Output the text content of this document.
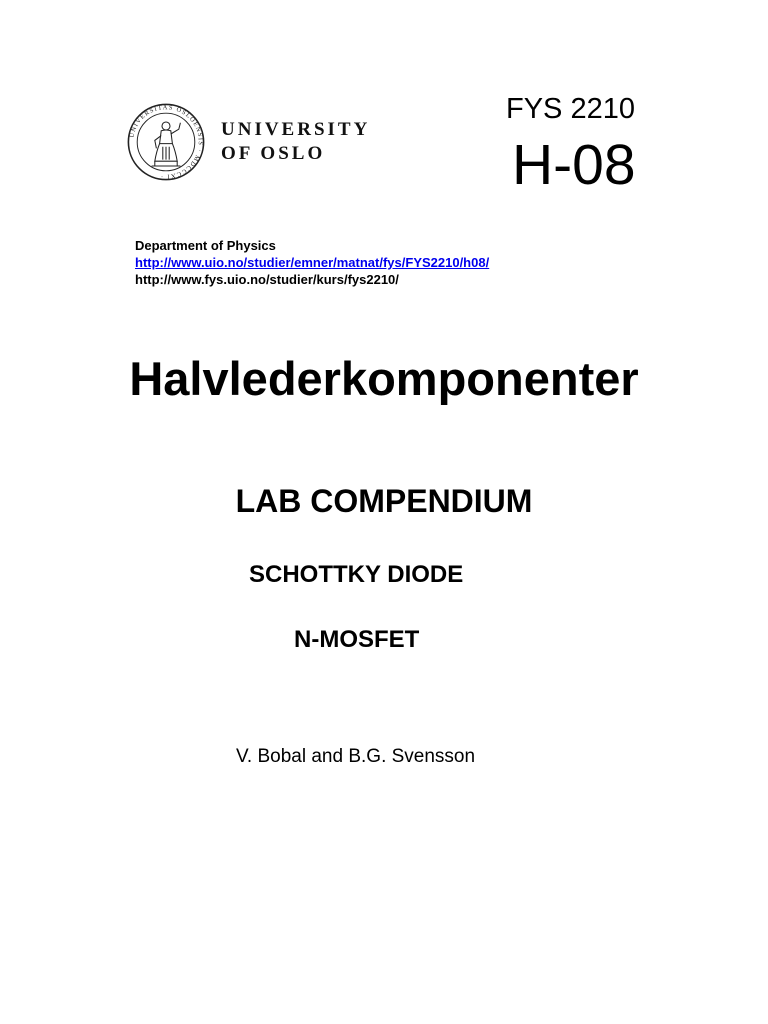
UNIVERSITAS OSLOENSIS · MDCCCXI ·
UNIVERSITY
OF OSLO
FYS 2210
H-08
Department of Physics
http://www.uio.no/studier/emner/matnat/fys/FYS2210/h08/
http://www.fys.uio.no/studier/kurs/fys2210/
Halvlederkomponenter
LAB COMPENDIUM
SCHOTTKY DIODE
N-MOSFET
V. Bobal and B.G. Svensson
